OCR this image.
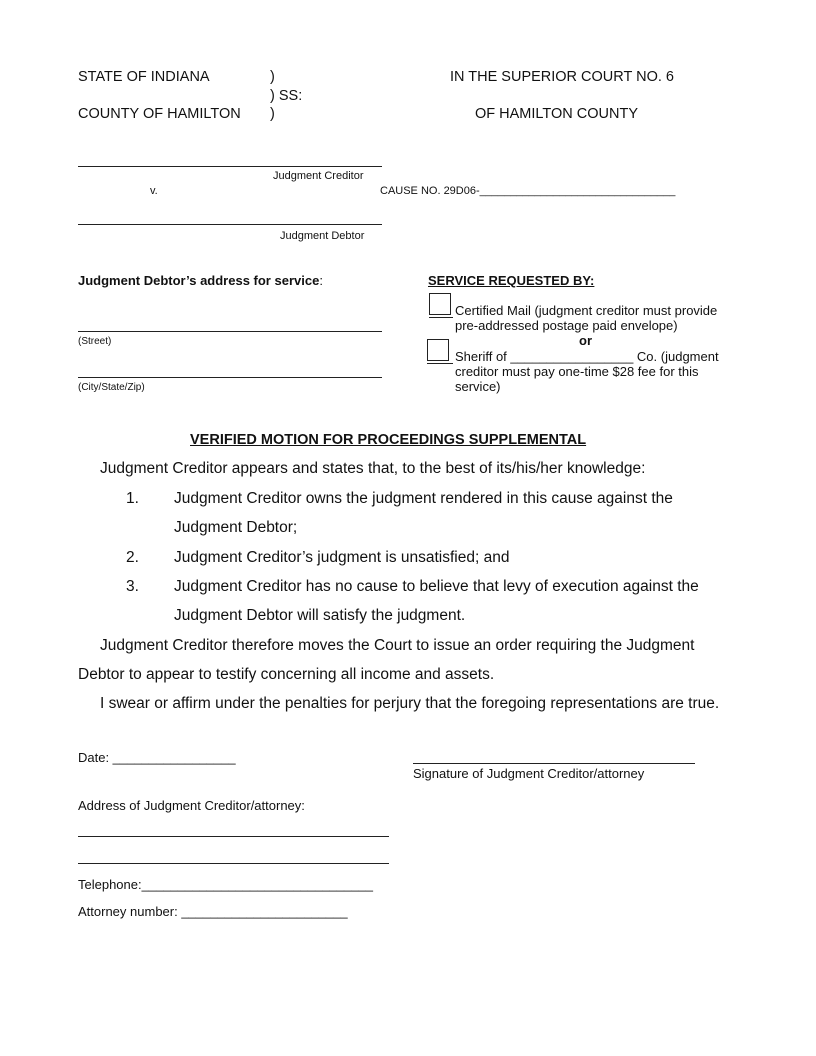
STATE OF INDIANA	)
) SS:
COUNTY OF HAMILTON )
IN THE SUPERIOR COURT NO. 6
OF HAMILTON COUNTY
Judgment Creditor
v.	CAUSE NO. 29D06-________________________________
Judgment Debtor
Judgment Debtor’s address for service:
(Street)
(City/State/Zip)
SERVICE REQUESTED BY:
Certified Mail (judgment creditor must provide
pre-addressed postage paid envelope)
or
Sheriff of _________________ Co. (judgment
creditor must pay one-time $28 fee for this
service)
VERIFIED MOTION FOR PROCEEDINGS SUPPLEMENTAL
Judgment Creditor appears and states that, to the best of its/his/her knowledge:
1. Judgment Creditor owns the judgment rendered in this cause against the
Judgment Debtor;
2. Judgment Creditor’s judgment is unsatisfied; and
3. Judgment Creditor has no cause to believe that levy of execution against the
Judgment Debtor will satisfy the judgment.
Judgment Creditor therefore moves the Court to issue an order requiring the Judgment
Debtor to appear to testify concerning all income and assets.
I swear or affirm under the penalties for perjury that the foregoing representations are true.
Date: _________________
Signature of Judgment Creditor/attorney
Address of Judgment Creditor/attorney:
Telephone:________________________________
Attorney number: _______________________
